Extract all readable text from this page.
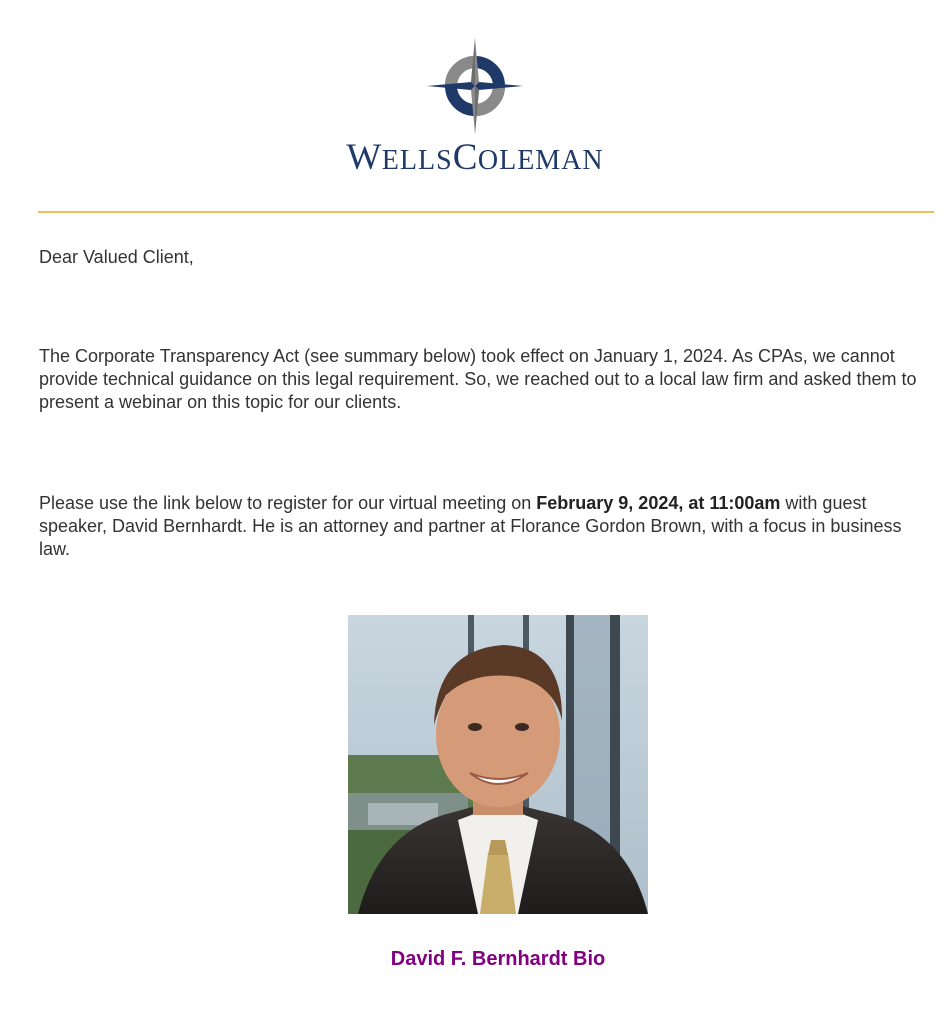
WELLSCOLEMAN

Dear Valued Client,

The Corporate Transparency Act (see summary below) took effect on January 1, 2024. As CPAs, we cannot provide technical guidance on this legal requirement. So, we reached out to a local law firm and asked them to present a webinar on this topic for our clients.

Please use the link below to register for our virtual meeting on February 9, 2024, at 11:00am with guest speaker, David Bernhardt. He is an attorney and partner at Florance Gordon Brown, with a focus in business law.

David F. Bernhardt Bio
